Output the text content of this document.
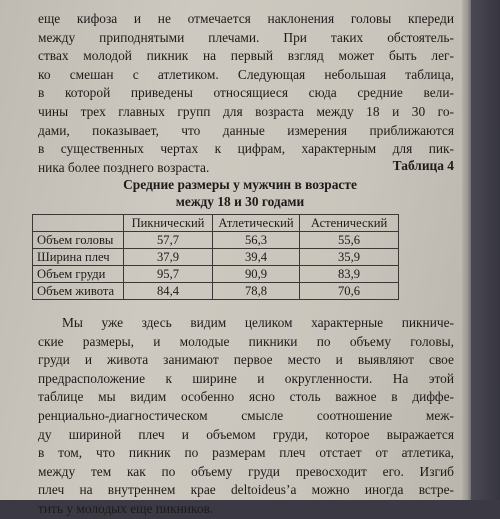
еще кифоза и не отмечается наклонения головы кпереди
между приподнятыми плечами. При таких обстоятель-
ствах молодой пикник на первый взгляд может быть лег-
ко смешан с атлетиком. Следующая небольшая таблица,
в которой приведены относящиеся сюда средние вели-
чины трех главных групп для возраста между 18 и 30 го-
дами, показывает, что данные измерения приближаются
в существенных чертах к цифрам, характерным для пик-
ника более позднего возраста.	Таблица 4
Средние размеры у мужчин в возрасте
между 18 и 30 годами
	Пикнический	Атлетический	Астенический
Объем головы	57,7	56,3	55,6
Ширина плеч	37,9	39,4	35,9
Объем груди	95,7	90,9	83,9
Объем живота	84,4	78,8	70,6
Мы уже здесь видим целиком характерные пикниче-
ские размеры, и молодые пикники по объему головы,
груди и живота занимают первое место и выявляют свое
предрасположение к ширине и округленности. На этой
таблице мы видим особенно ясно столь важное в диффе-
ренциально-диагностическом смысле соотношение меж-
ду шириной плеч и объемом груди, которое выражается
в том, что пикник по размерам плеч отстает от атлетика,
между тем как по объему груди превосходит его. Изгиб
плеч на внутреннем крае deltoideus’а можно иногда встре-
тить у молодых еще пикников.
